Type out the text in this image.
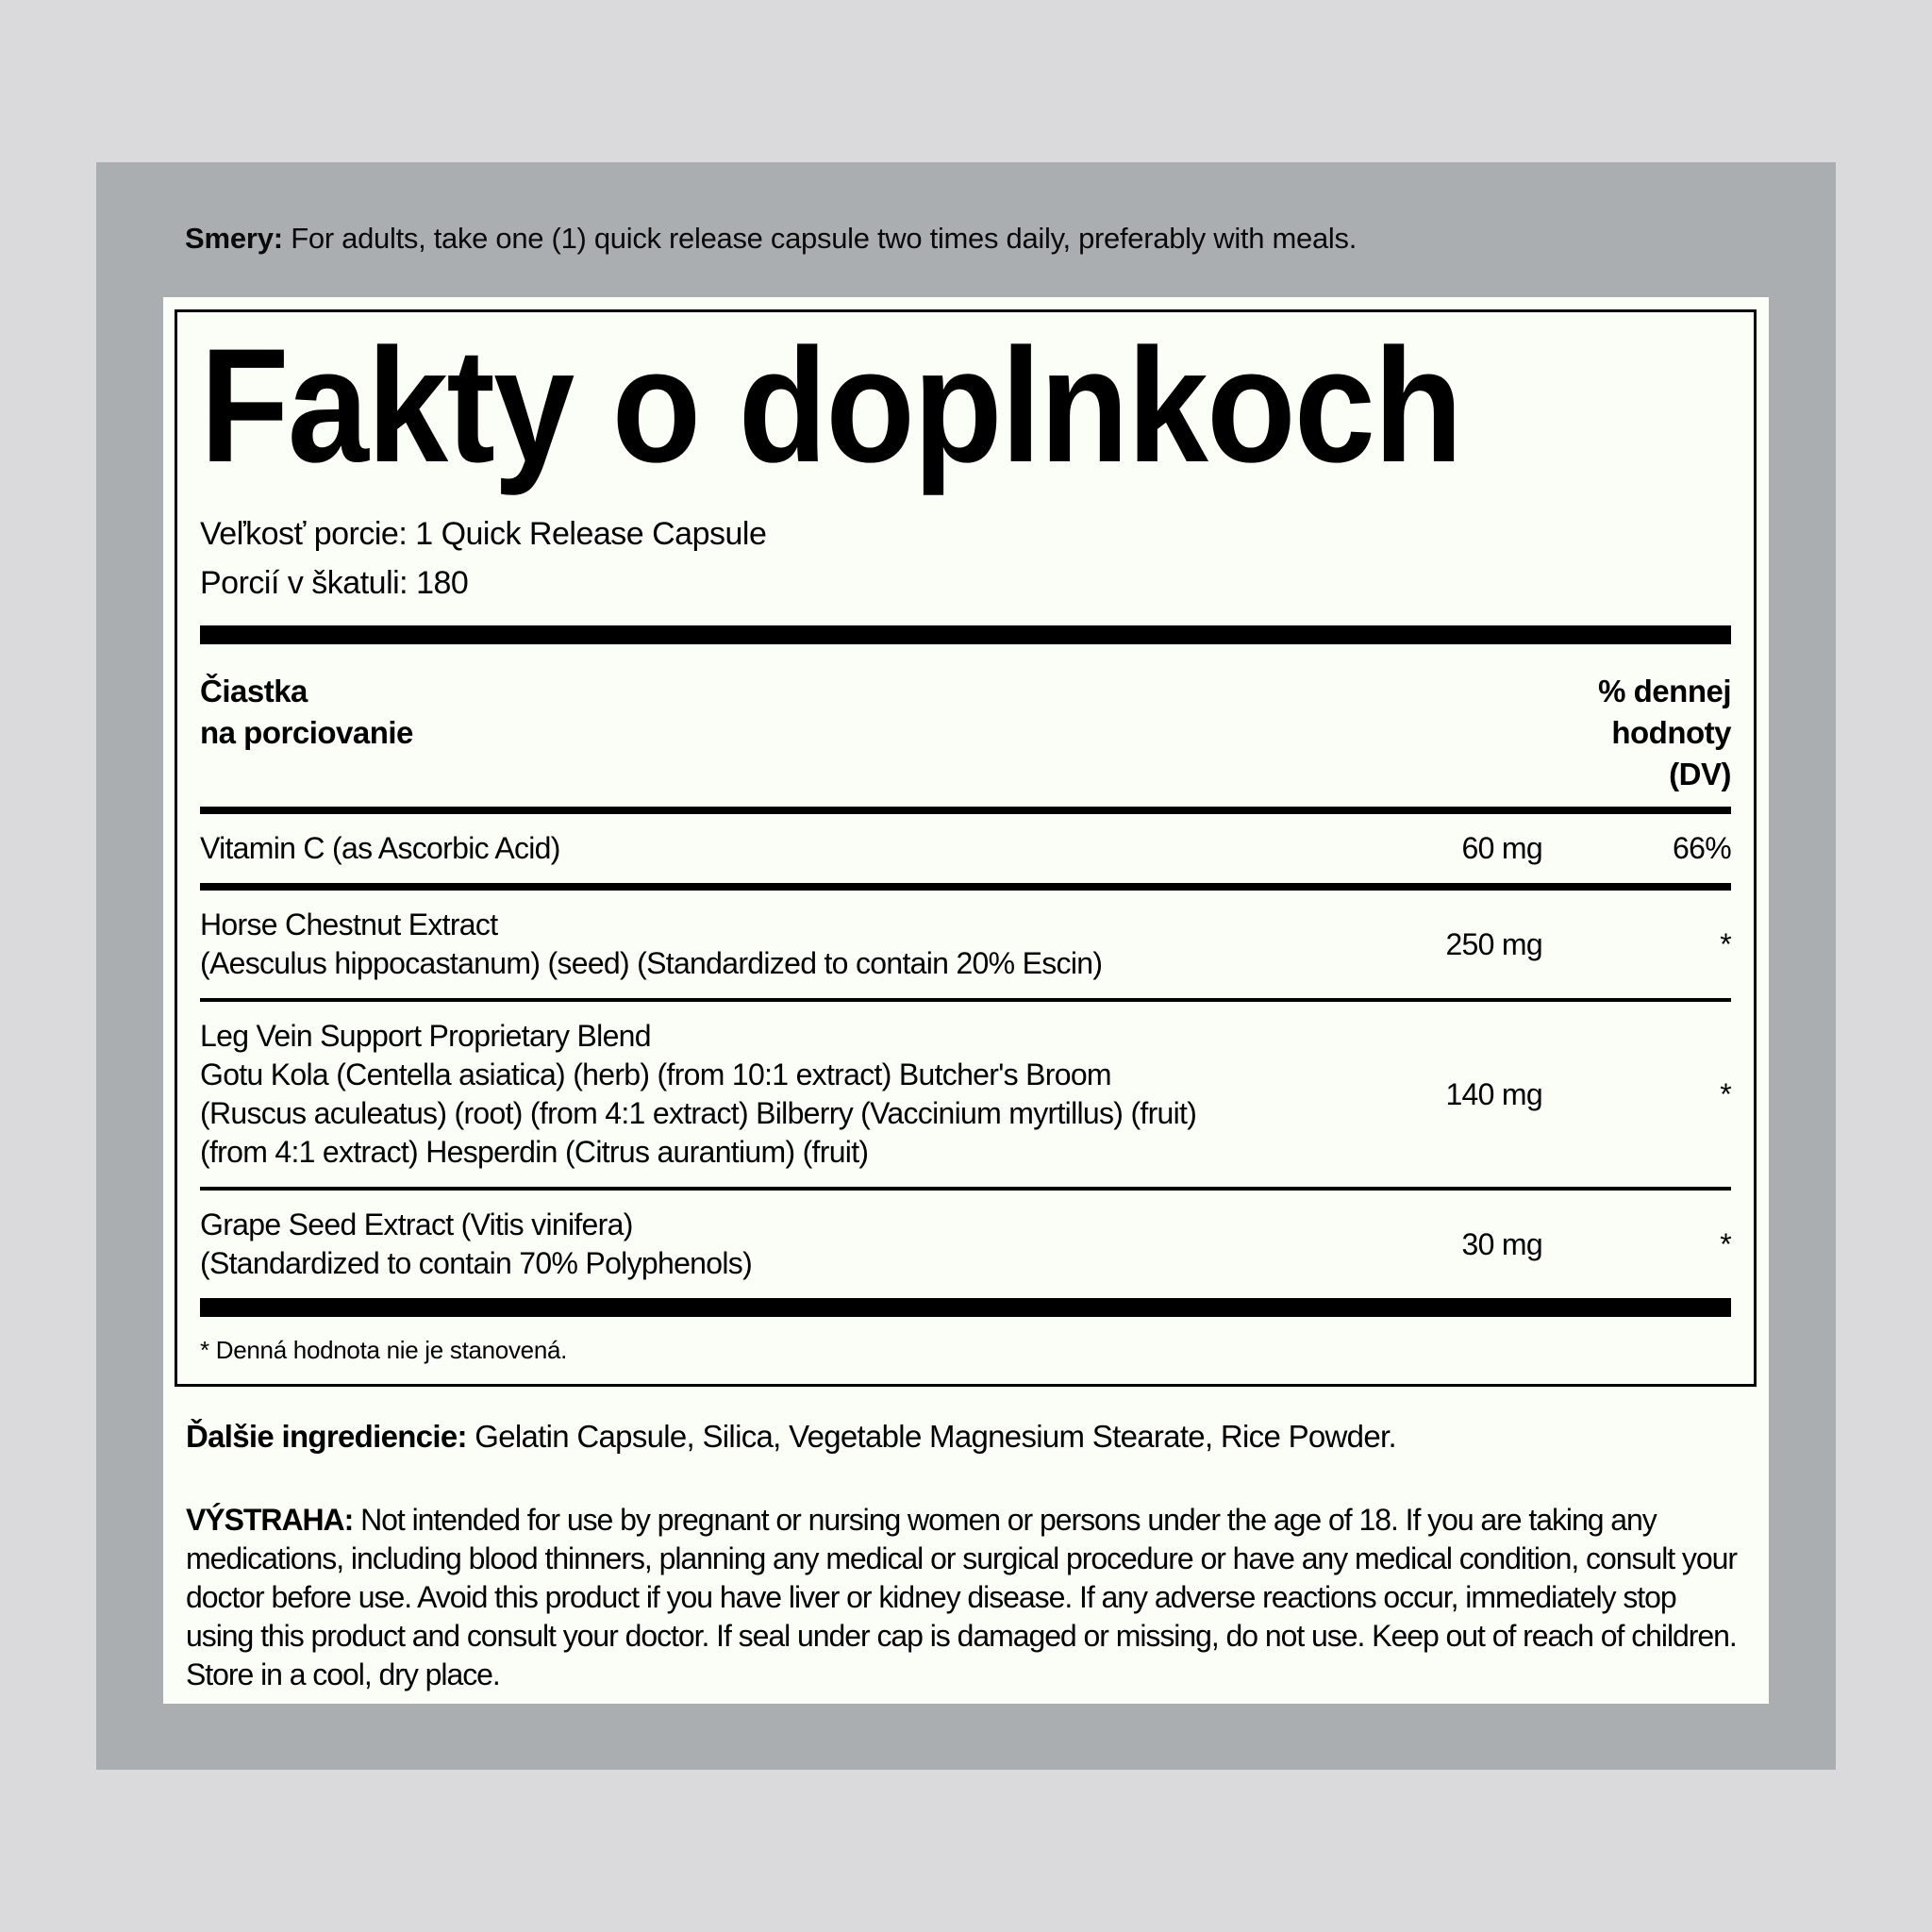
Smery: For adults, take one (1) quick release capsule two times daily, preferably with meals.

Fakty o doplnkoch

Veľkosť porcie: 1 Quick Release Capsule

Porcií v škatuli: 180

Čiastka
na porciovanie
% dennej
hodnoty
(DV)
Vitamin C (as Ascorbic Acid)	60 mg	66%
Horse Chestnut Extract
(Aesculus hippocastanum) (seed) (Standardized to contain 20% Escin)
250 mg	*
Leg Vein Support Proprietary Blend
Gotu Kola (Centella asiatica) (herb) (from 10:1 extract) Butcher's Broom
(Ruscus aculeatus) (root) (from 4:1 extract) Bilberry (Vaccinium myrtillus) (fruit)
(from 4:1 extract) Hesperdin (Citrus aurantium) (fruit)
140 mg	*
Grape Seed Extract (Vitis vinifera)
(Standardized to contain 70% Polyphenols)
30 mg	*

* Denná hodnota nie je stanovená.

Ďalšie ingrediencie: Gelatin Capsule, Silica, Vegetable Magnesium Stearate, Rice Powder.

VÝSTRAHA: Not intended for use by pregnant or nursing women or persons under the age of 18. If you are taking any medications, including blood thinners, planning any medical or surgical procedure or have any medical condition, consult your doctor before use. Avoid this product if you have liver or kidney disease. If any adverse reactions occur, immediately stop using this product and consult your doctor. If seal under cap is damaged or missing, do not use. Keep out of reach of children. Store in a cool, dry place.
